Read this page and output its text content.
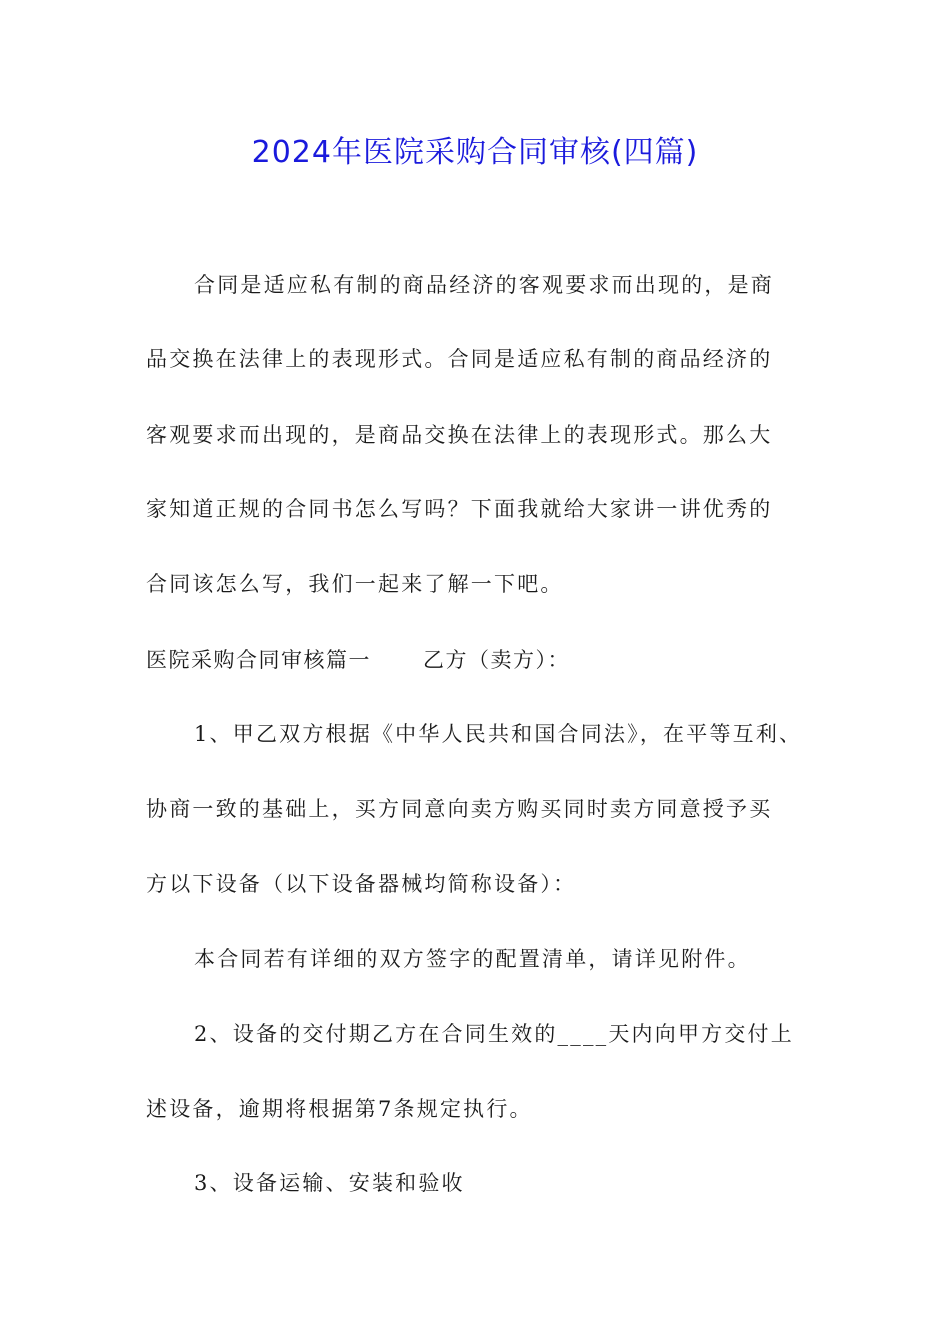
2024年医院采购合同审核(四篇)

合同是适应私有制的商品经济的客观要求而出现的，是商

品交换在法律上的表现形式。合同是适应私有制的商品经济的

客观要求而出现的，是商品交换在法律上的表现形式。那么大

家知道正规的合同书怎么写吗？下面我就给大家讲一讲优秀的

合同该怎么写，我们一起来了解一下吧。

医院采购合同审核篇一 乙方（卖方）：

1、甲乙双方根据《中华人民共和国合同法》，在平等互利、

协商一致的基础上，买方同意向卖方购买同时卖方同意授予买

方以下设备（以下设备器械均简称设备）：

本合同若有详细的双方签字的配置清单，请详见附件。

2、设备的交付期乙方在合同生效的____天内向甲方交付上

述设备，逾期将根据第7条规定执行。

3、设备运输、安装和验收
